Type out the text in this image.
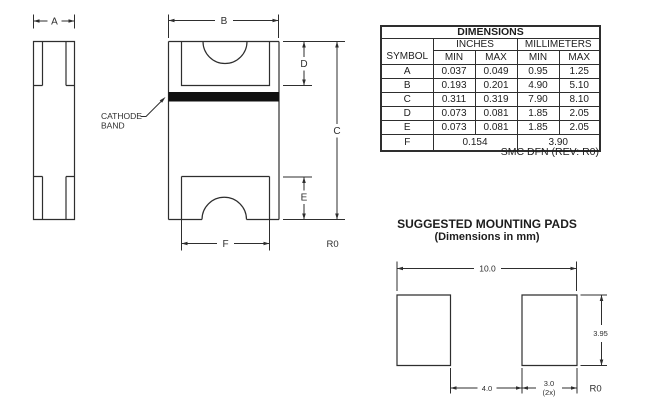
A	B
D
E
C
F
CATHODE
BAND
R0
10.0
3.95
4.0
3.0
(2x)	R0
DIMENSIONS				
SYMBOL	INCHES		MILLIMETERS	
	MIN	MAX	MIN	MAX
A	0.037	0.049	0.95	1.25
B	0.193	0.201	4.90	5.10
C	0.311	0.319	7.90	8.10
D	0.073	0.081	1.85	2.05
E	0.073	0.081	1.85	2.05
F	0.154		3.90	
SMC DFN (REV: R0)
SUGGESTED MOUNTING PADS
(Dimensions in mm)
